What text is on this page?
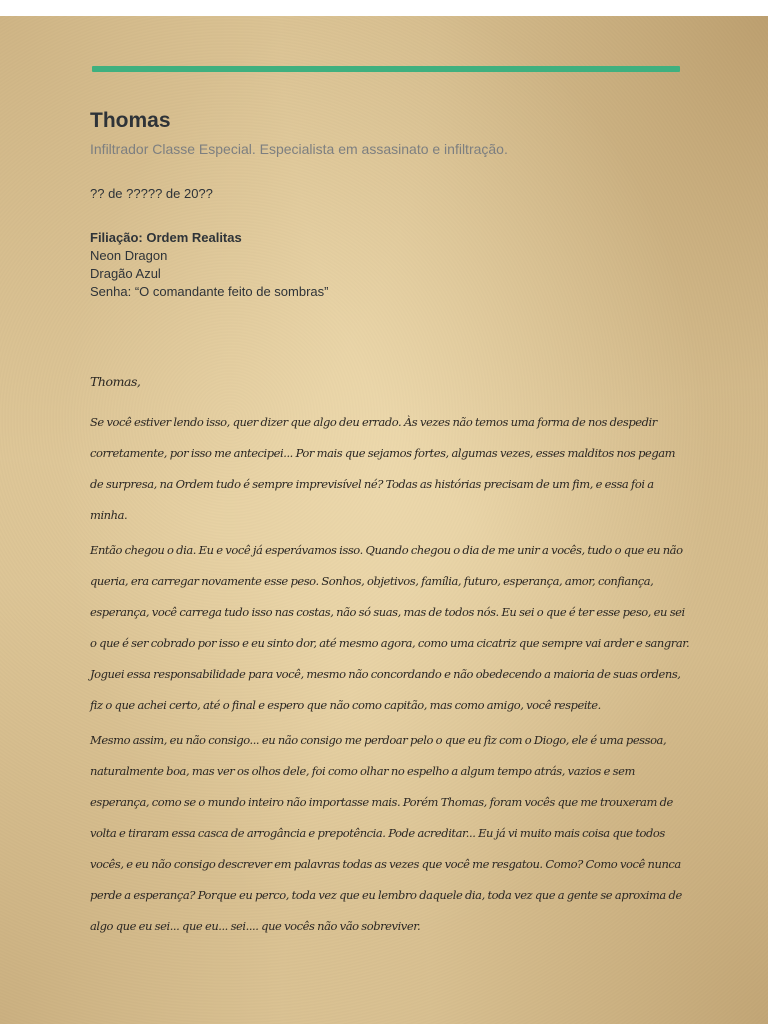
Thomas

Infiltrador Classe Especial. Especialista em assasinato e infiltração.

?? de ????? de 20??

Filiação: Ordem Realitas
Neon Dragon
Dragão Azul
Senha: “O comandante feito de sombras”

Thomas,

Se você estiver lendo isso, quer dizer que algo deu errado. Às vezes não temos uma forma de nos despedir corretamente, por isso me antecipei... Por mais que sejamos fortes, algumas vezes, esses malditos nos pegam de surpresa, na Ordem tudo é sempre imprevisível né? Todas as histórias precisam de um fim, e essa foi a minha.

Então chegou o dia. Eu e você já esperávamos isso. Quando chegou o dia de me unir a vocês, tudo o que eu não queria, era carregar novamente esse peso. Sonhos, objetivos, família, futuro, esperança, amor, confiança, esperança, você carrega tudo isso nas costas, não só suas, mas de todos nós. Eu sei o que é ter esse peso, eu sei o que é ser cobrado por isso e eu sinto dor, até mesmo agora, como uma cicatriz que sempre vai arder e sangrar. Joguei essa responsabilidade para você, mesmo não concordando e não obedecendo a maioria de suas ordens, fiz o que achei certo, até o final e espero que não como capitão, mas como amigo, você respeite.

Mesmo assim, eu não consigo... eu não consigo me perdoar pelo o que eu fiz com o Diogo, ele é uma pessoa, naturalmente boa, mas ver os olhos dele, foi como olhar no espelho a algum tempo atrás, vazios e sem esperança, como se o mundo inteiro não importasse mais. Porém Thomas, foram vocês que me trouxeram de volta e tiraram essa casca de arrogância e prepotência. Pode acreditar... Eu já vi muito mais coisa que todos vocês, e eu não consigo descrever em palavras todas as vezes que você me resgatou. Como? Como você nunca perde a esperança? Porque eu perco, toda vez que eu lembro daquele dia, toda vez que a gente se aproxima de algo que eu sei... que eu... sei.... que vocês não vão sobreviver.
